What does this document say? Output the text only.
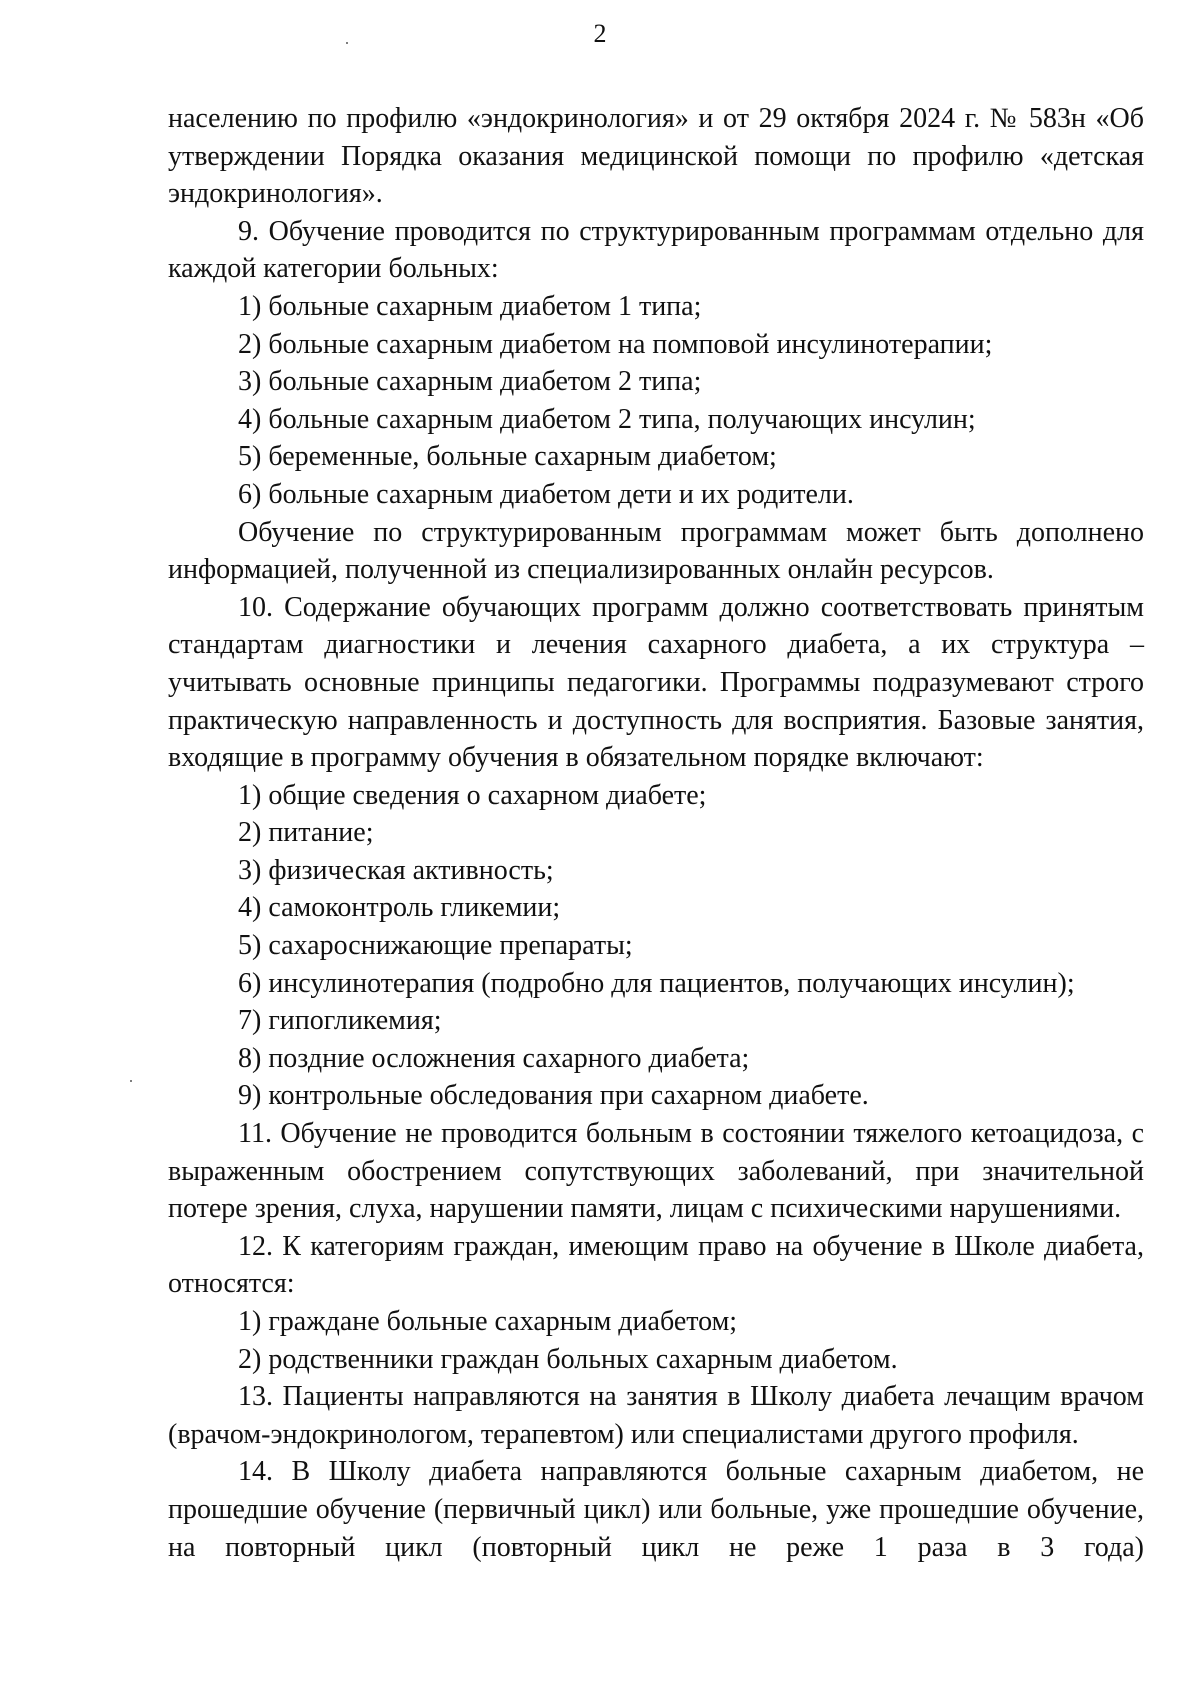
2

населению по профилю «эндокринология» и от 29 октября 2024 г. № 583н «Об утверждении Порядка оказания медицинской помощи по профилю «детская эндокринология».

9. Обучение проводится по структурированным программам отдельно для каждой категории больных:

1) больные сахарным диабетом 1 типа;
2) больные сахарным диабетом на помповой инсулинотерапии;
3) больные сахарным диабетом 2 типа;
4) больные сахарным диабетом 2 типа, получающих инсулин;
5) беременные, больные сахарным диабетом;
6) больные сахарным диабетом дети и их родители.

Обучение по структурированным программам может быть дополнено информацией, полученной из специализированных онлайн ресурсов.

10. Содержание обучающих программ должно соответствовать принятым стандартам диагностики и лечения сахарного диабета, а их структура – учитывать основные принципы педагогики. Программы подразумевают строго практическую направленность и доступность для восприятия. Базовые занятия, входящие в программу обучения в обязательном порядке включают:

1) общие сведения о сахарном диабете;
2) питание;
3) физическая активность;
4) самоконтроль гликемии;
5) сахароснижающие препараты;
6) инсулинотерапия (подробно для пациентов, получающих инсулин);
7) гипогликемия;
8) поздние осложнения сахарного диабета;
9) контрольные обследования при сахарном диабете.

11. Обучение не проводится больным в состоянии тяжелого кетоацидоза, с выраженным обострением сопутствующих заболеваний, при значительной потере зрения, слуха, нарушении памяти, лицам с психическими нарушениями.

12. К категориям граждан, имеющим право на обучение в Школе диабета, относятся:

1) граждане больные сахарным диабетом;
2) родственники граждан больных сахарным диабетом.

13. Пациенты направляются на занятия в Школу диабета лечащим врачом (врачом-эндокринологом, терапевтом) или специалистами другого профиля.

14. В Школу диабета направляются больные сахарным диабетом, не прошедшие обучение (первичный цикл) или больные, уже прошедшие обучение, на повторный цикл (повторный цикл не реже 1 раза в 3 года)
